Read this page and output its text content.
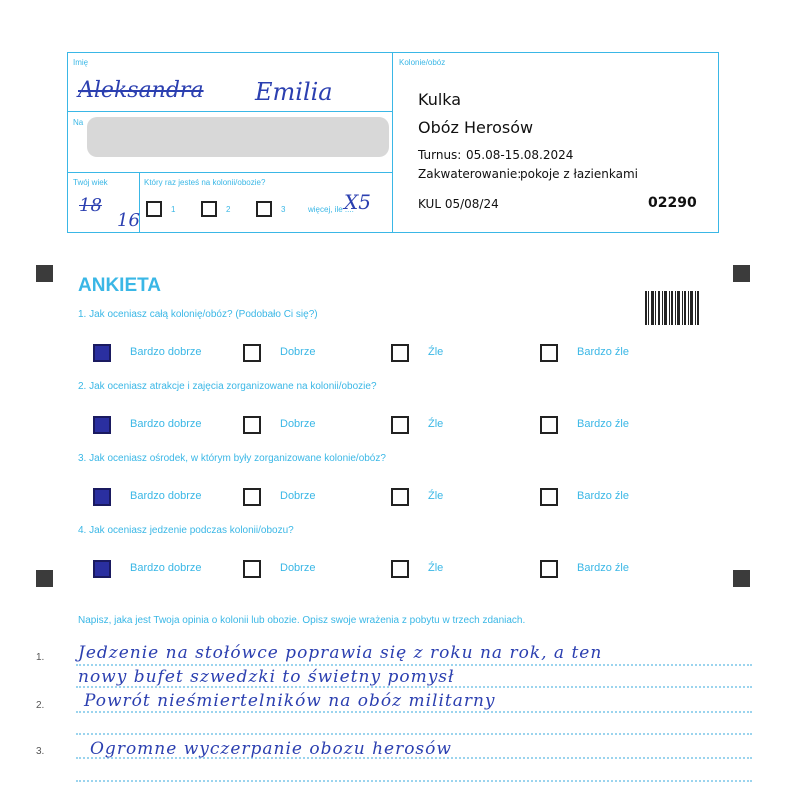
Imię
Aleksandra Emilia
Na
Twój wiek
18
16
Który raz jesteś na kolonii/obozie?
1	2	3	więcej, ile ....
X5
Kolonie/obóz
Kulka
Obóz Herosów
Turnus: 05.08-15.08.2024
Zakwaterowanie:
pokoje z łazienkami
KUL 05/08/24	02290
ANKIETA
1. Jak oceniasz całą kolonię/obóz? (Podobało Ci się?)
Bardzo dobrze	Dobrze	Źle	Bardzo źle
2. Jak oceniasz atrakcje i zajęcia zorganizowane na kolonii/obozie?
Bardzo dobrze	Dobrze	Źle	Bardzo źle
3. Jak oceniasz ośrodek, w którym były zorganizowane kolonie/obóz?
Bardzo dobrze	Dobrze	Źle	Bardzo źle
4. Jak oceniasz jedzenie podczas kolonii/obozu?
Bardzo dobrze	Dobrze	Źle	Bardzo źle
Napisz, jaka jest Twoja opinia o kolonii lub obozie. Opisz swoje wrażenia z pobytu w trzech zdaniach.
1.
2.
3.
Jedzenie na stołówce poprawia się z roku na rok, a ten
nowy bufet szwedzki to świetny pomysł
Powrót nieśmiertelników na obóz militarny
Ogromne wyczerpanie obozu herosów
